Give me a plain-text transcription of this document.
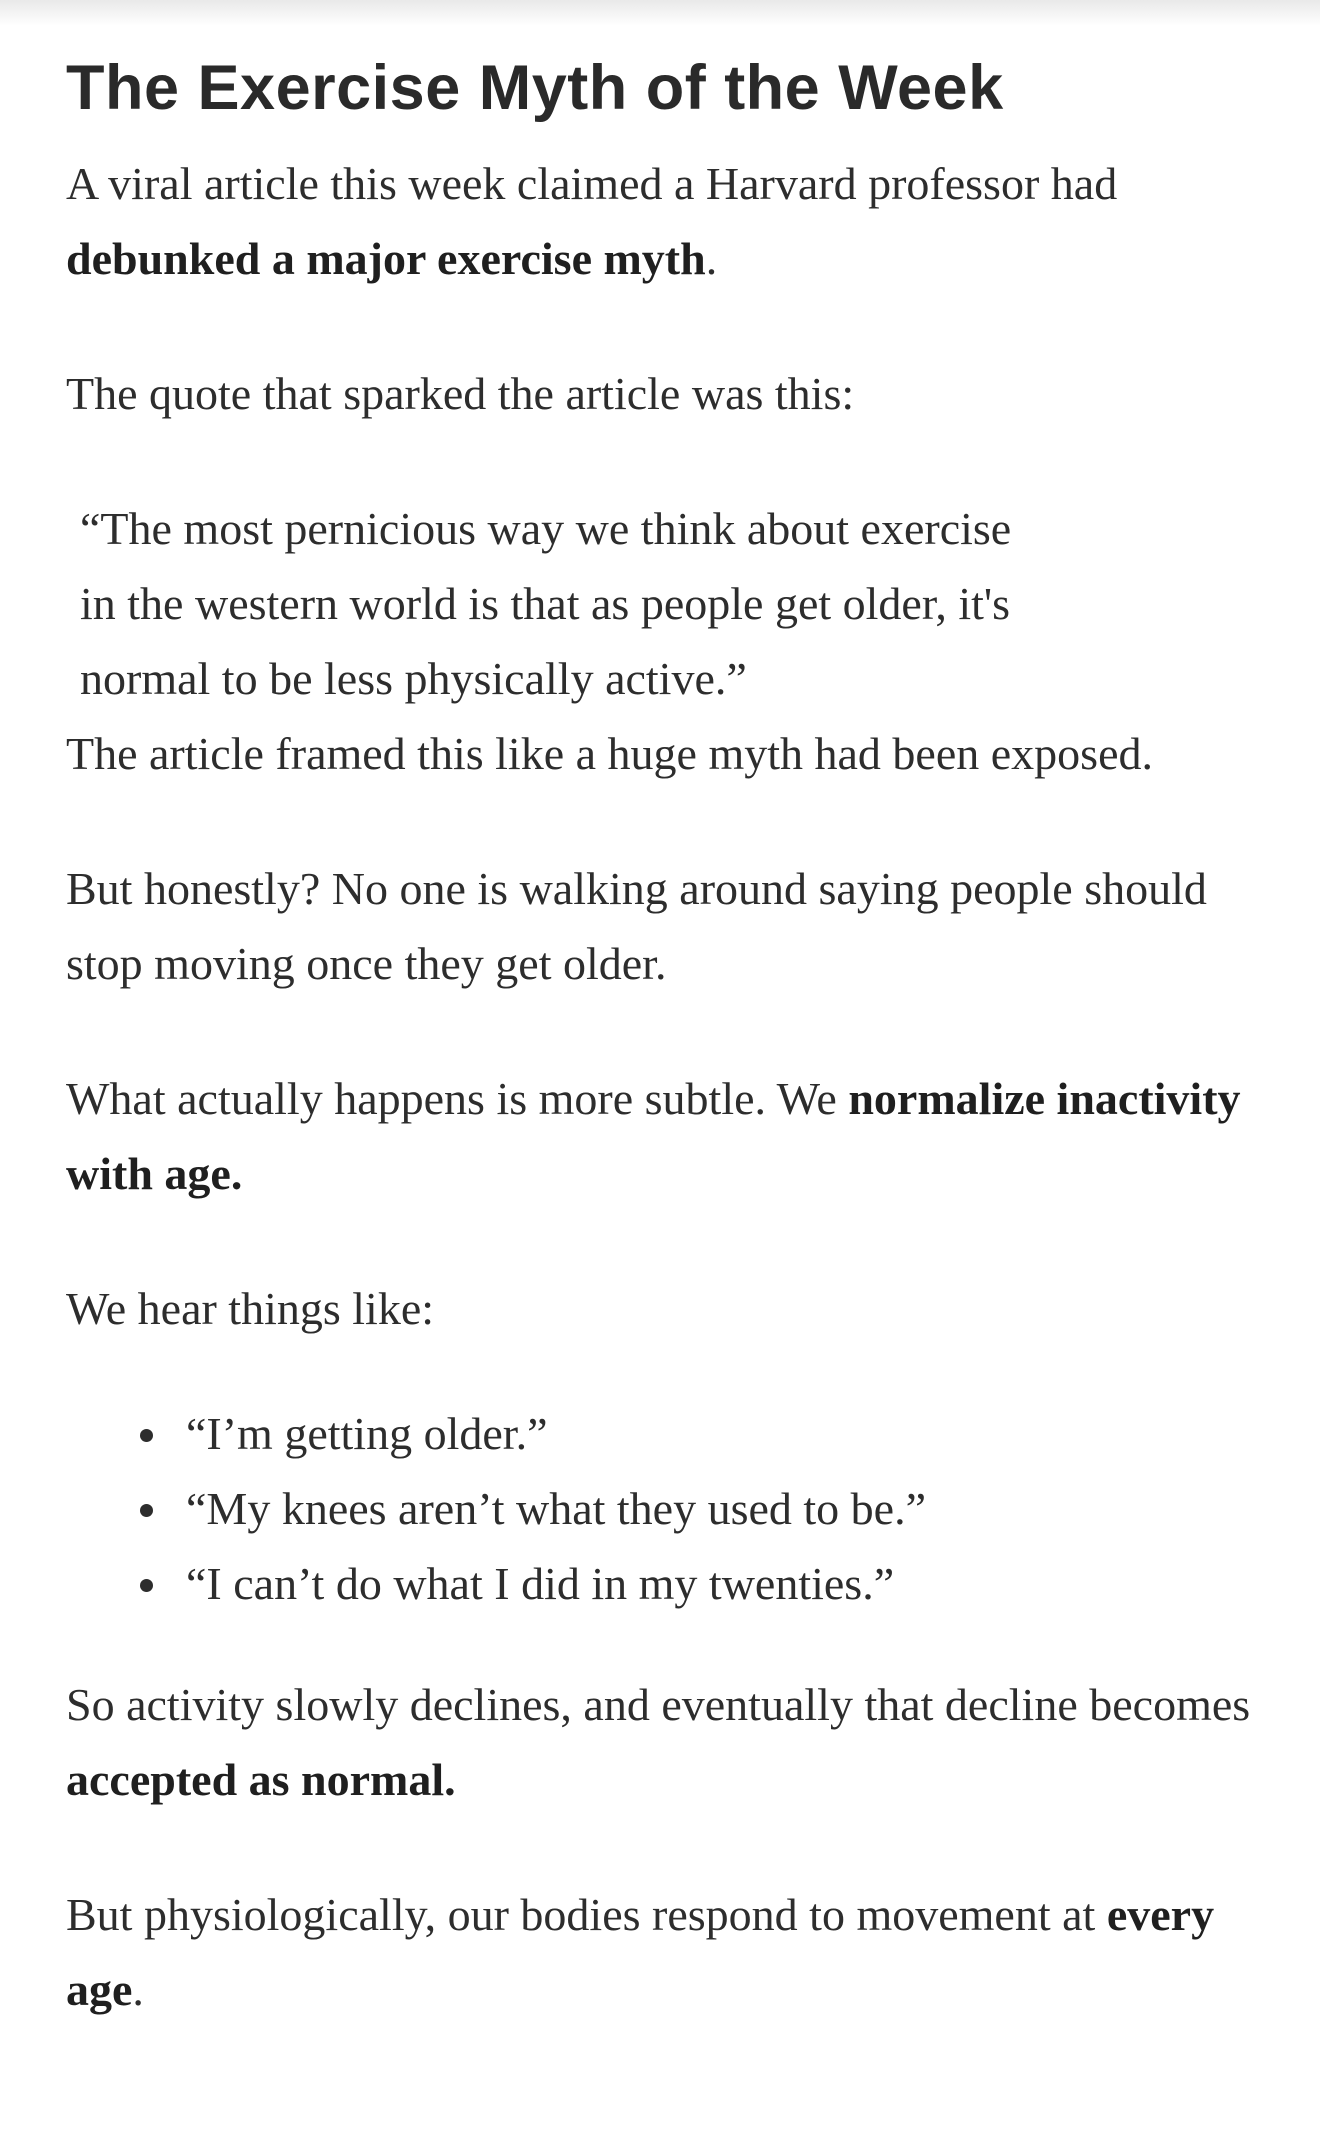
The Exercise Myth of the Week

A viral article this week claimed a Harvard professor had debunked a major exercise myth.

The quote that sparked the article was this:

“The most pernicious way we think about exercise
in the western world is that as people get older, it's
normal to be less physically active.”

The article framed this like a huge myth had been exposed.

But honestly? No one is walking around saying people should stop moving once they get older.

What actually happens is more subtle. We normalize inactivity with age.

We hear things like:

“I’m getting older.”
“My knees aren’t what they used to be.”
“I can’t do what I did in my twenties.”

So activity slowly declines, and eventually that decline becomes accepted as normal.

But physiologically, our bodies respond to movement at every age.
